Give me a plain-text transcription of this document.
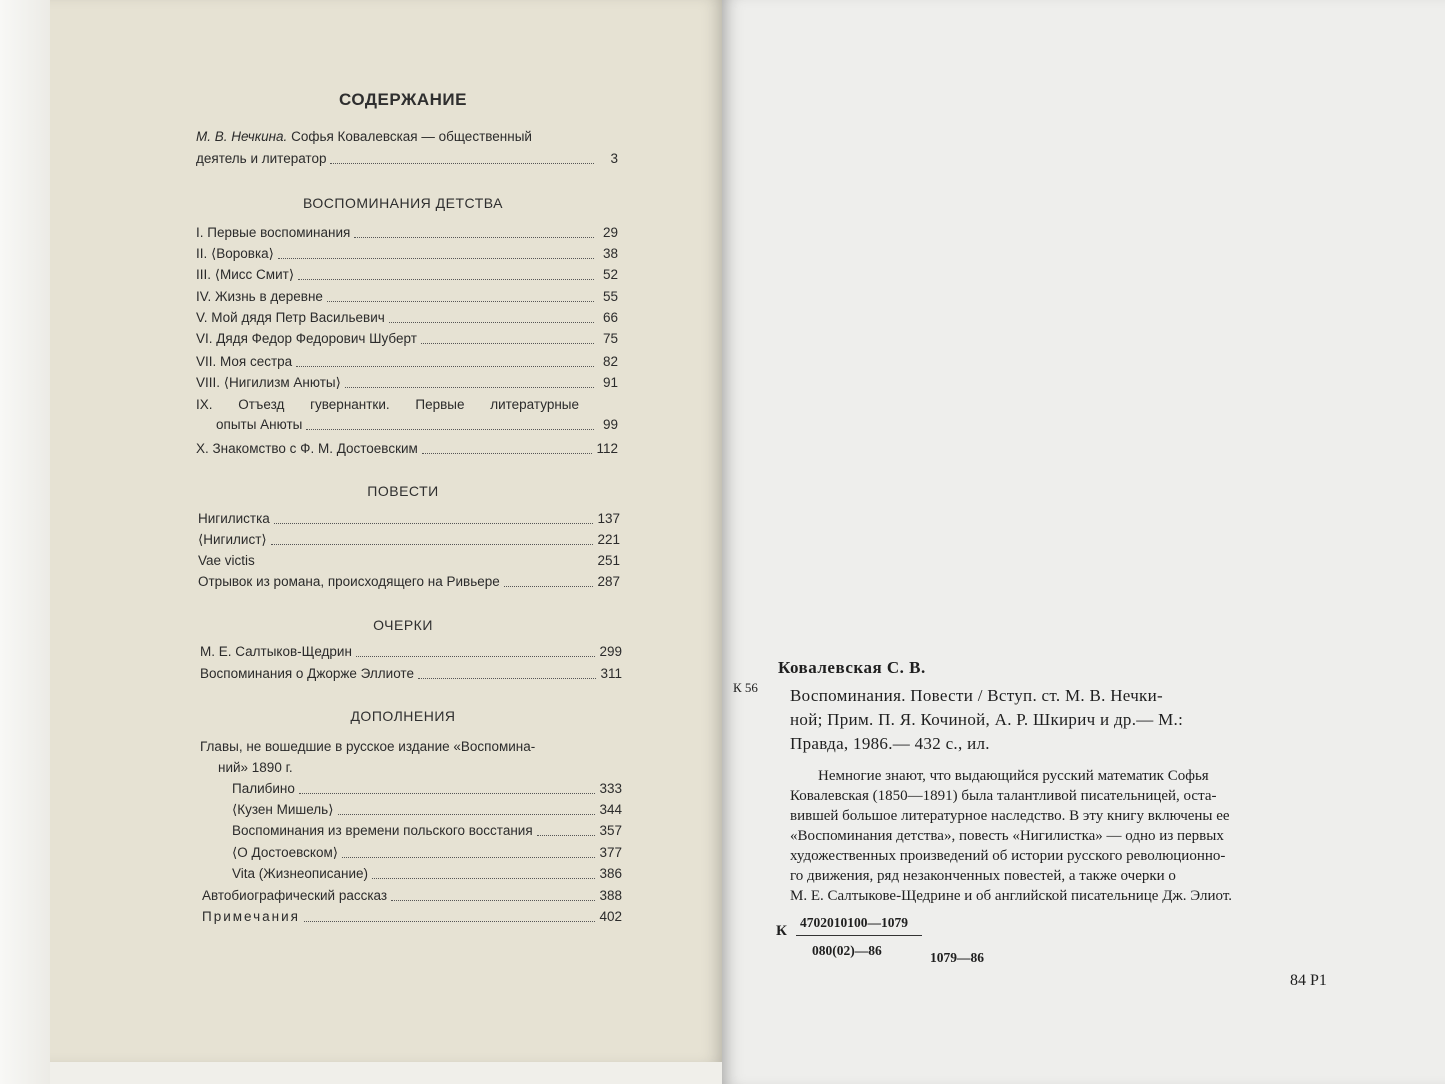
СОДЕРЖАНИЕ
М. В. Нечкина. Софья Ковалевская — общественный
деятель и литератор	3
ВОСПОМИНАНИЯ ДЕТСТВА
I. Первые воспоминания	29
II. ⟨Воровка⟩	38
III. ⟨Мисс Смит⟩	52
IV. Жизнь в деревне	55
V. Мой дядя Петр Васильевич	66
VI. Дядя Федор Федорович Шуберт	75
VII. Моя сестра	82
VIII. ⟨Нигилизм Анюты⟩	91
IX. Отъезд гувернантки. Первые литературные
опыты Анюты	99
X. Знакомство с Ф. М. Достоевским	112
ПОВЕСТИ
Нигилистка	137
⟨Нигилист⟩	221
Vae victis	251
Отрывок из романа, происходящего на Ривьере	287
ОЧЕРКИ
М. Е. Салтыков-Щедрин	299
Воспоминания о Джорже Эллиоте	311
ДОПОЛНЕНИЯ
Главы, не вошедшие в русское издание «Воспомина-
ний» 1890 г.
Палибино	333
⟨Кузен Мишель⟩	344
Воспоминания из времени польского восстания	357
⟨О Достоевском⟩	377
Vita (Жизнеописание)	386
Автобиографический рассказ	388
Примечания	402
Ковалевская С. В.
К 56 Воспоминания. Повести / Вступ. ст. М. В. Нечки-
ной; Прим. П. Я. Кочиной, А. Р. Шкирич и др.— М.:
Правда, 1986.— 432 с., ил.
Немногие знают, что выдающийся русский математик Софья
Ковалевская (1850—1891) была талантливой писательницей, оста-
вившей большое литературное наследство. В эту книгу включены ее
«Воспоминания детства», повесть «Нигилистка» — одно из первых
художественных произведений об истории русского революционно-
го движения, ряд незаконченных повестей, а также очерки о
М. Е. Салтыкове-Щедрине и об английской писательнице Дж. Элиот.
К
4702010100—1079
080(02)—86	1079—86
84 Р1
